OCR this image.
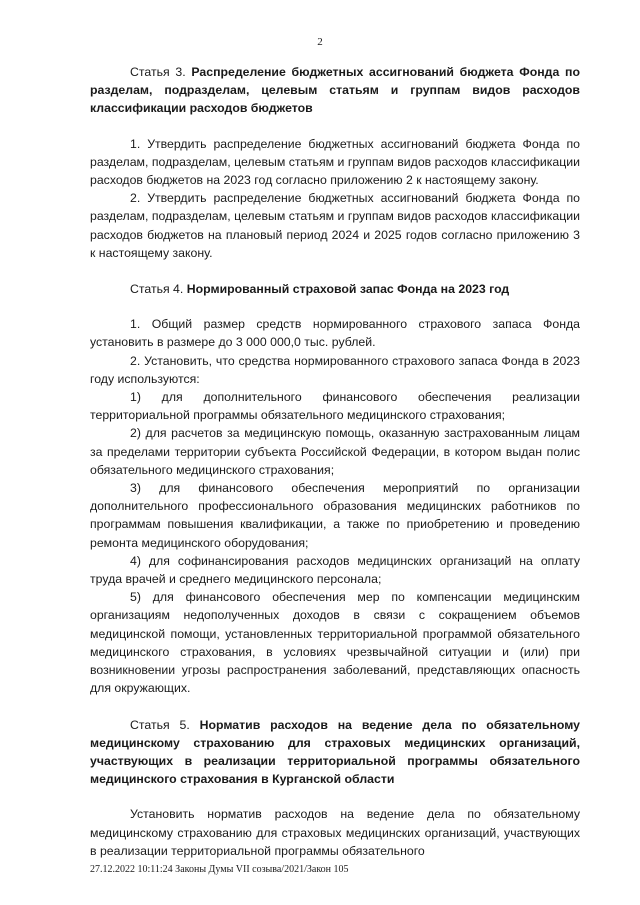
2

Статья 3. Распределение бюджетных ассигнований бюджета Фонда по разделам, подразделам, целевым статьям и группам видов расходов классификации расходов бюджетов

1. Утвердить распределение бюджетных ассигнований бюджета Фонда по разделам, подразделам, целевым статьям и группам видов расходов классификации расходов бюджетов на 2023 год согласно приложению 2 к настоящему закону.

2. Утвердить распределение бюджетных ассигнований бюджета Фонда по разделам, подразделам, целевым статьям и группам видов расходов классификации расходов бюджетов на плановый период 2024 и 2025 годов согласно приложению 3 к настоящему закону.

Статья 4. Нормированный страховой запас Фонда на 2023 год

1. Общий размер средств нормированного страхового запаса Фонда установить в размере до 3 000 000,0 тыс. рублей.

2. Установить, что средства нормированного страхового запаса Фонда в 2023 году используются:

1) для дополнительного финансового обеспечения реализации территориальной программы обязательного медицинского страхования;

2) для расчетов за медицинскую помощь, оказанную застрахованным лицам за пределами территории субъекта Российской Федерации, в котором выдан полис обязательного медицинского страхования;

3) для финансового обеспечения мероприятий по организации дополнительного профессионального образования медицинских работников по программам повышения квалификации, а также по приобретению и проведению ремонта медицинского оборудования;

4) для софинансирования расходов медицинских организаций на оплату труда врачей и среднего медицинского персонала;

5) для финансового обеспечения мер по компенсации медицинским организациям недополученных доходов в связи с сокращением объемов медицинской помощи, установленных территориальной программой обязательного медицинского страхования, в условиях чрезвычайной ситуации и (или) при возникновении угрозы распространения заболеваний, представляющих опасность для окружающих.

Статья 5. Норматив расходов на ведение дела по обязательному медицинскому страхованию для страховых медицинских организаций, участвующих в реализации территориальной программы обязательного медицинского страхования в Курганской области

Установить норматив расходов на ведение дела по обязательному медицинскому страхованию для страховых медицинских организаций, участвующих в реализации территориальной программы обязательного

27.12.2022 10:11:24 Законы Думы VII созыва/2021/Закон 105
